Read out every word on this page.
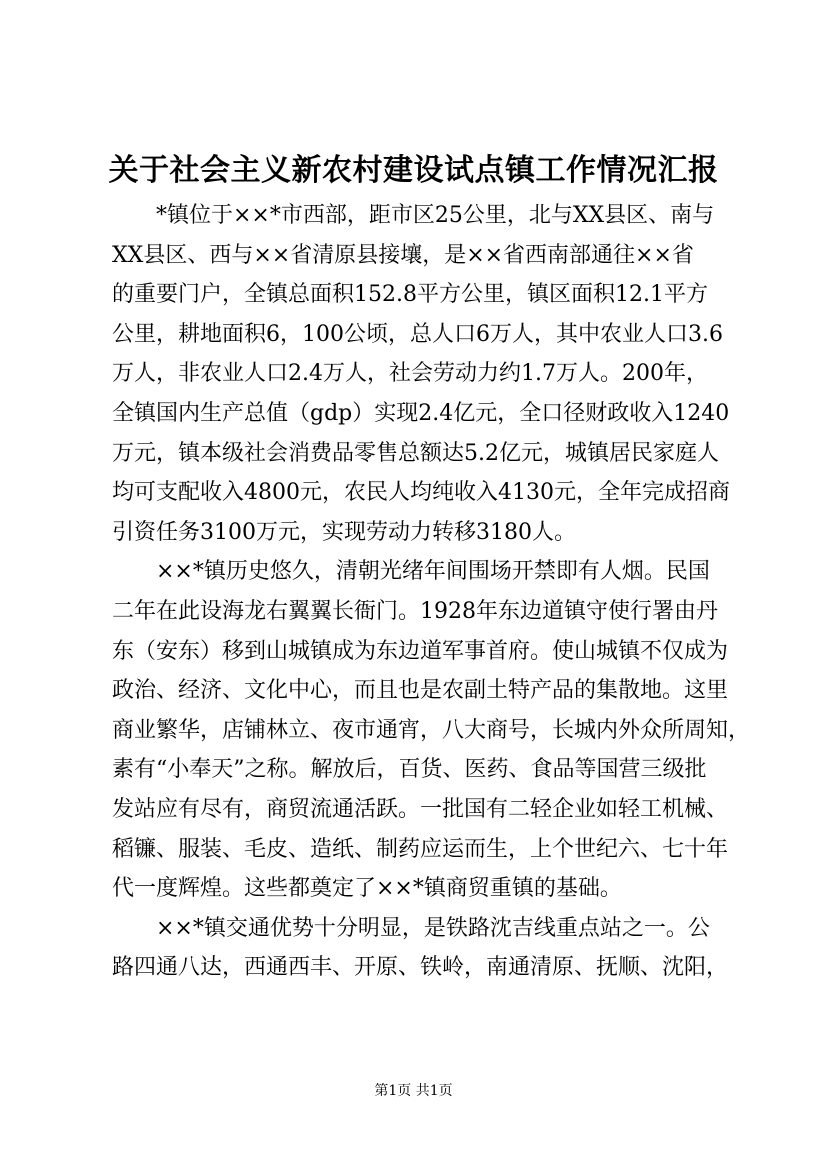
关于社会主义新农村建设试点镇工作情况汇报
　　*镇位于××*市西部，距市区25公里，北与XX县区、南与
XX县区、西与××省清原县接壤，是××省西南部通往××省
的重要门户，全镇总面积152.8平方公里，镇区面积12.1平方
公里，耕地面积6，100公顷，总人口6万人，其中农业人口3.6
万人，非农业人口2.4万人，社会劳动力约1.7万人。200年，
全镇国内生产总值（gdp）实现2.4亿元，全口径财政收入1240
万元，镇本级社会消费品零售总额达5.2亿元，城镇居民家庭人
均可支配收入4800元，农民人均纯收入4130元，全年完成招商
引资任务3100万元，实现劳动力转移3180人。
　　××*镇历史悠久，清朝光绪年间围场开禁即有人烟。民国
二年在此设海龙右翼翼长衙门。1928年东边道镇守使行署由丹
东（安东）移到山城镇成为东边道军事首府。使山城镇不仅成为
政治、经济、文化中心，而且也是农副土特产品的集散地。这里
商业繁华，店铺林立、夜市通宵，八大商号，长城内外众所周知，
素有“小奉天”之称。解放后，百货、医药、食品等国营三级批
发站应有尽有，商贸流通活跃。一批国有二轻企业如轻工机械、
稻镰、服装、毛皮、造纸、制药应运而生，上个世纪六、七十年
代一度辉煌。这些都奠定了××*镇商贸重镇的基础。
　　××*镇交通优势十分明显，是铁路沈吉线重点站之一。公
路四通八达，西通西丰、开原、铁岭，南通清原、抚顺、沈阳，
第1页 共1页
